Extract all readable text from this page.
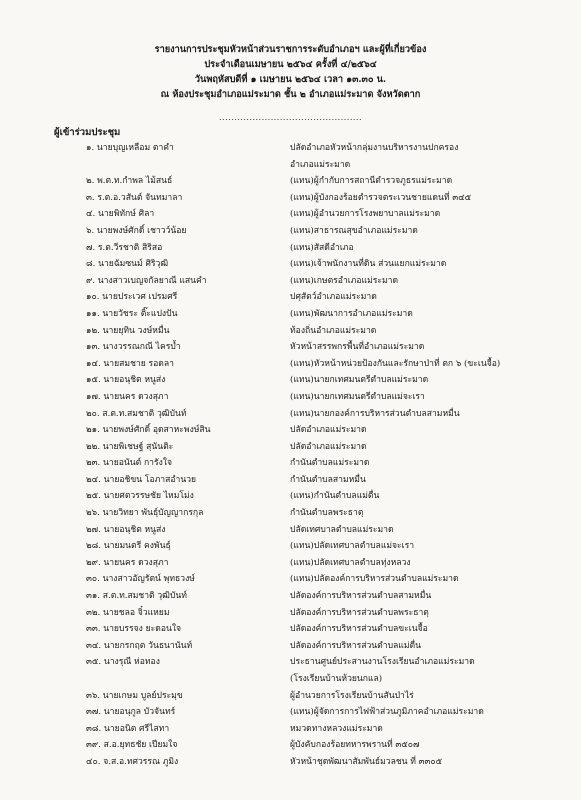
รายงานการประชุมหัวหน้าส่วนราชการระดับอำเภอฯ และผู้ที่เกี่ยวข้อง
ประจำเดือนเมษายน ๒๕๖๔ ครั้งที่ ๔/๒๕๖๔
วันพฤหัสบดีที่ ๑ เมษายน ๒๕๖๔ เวลา ๑๓.๓๐ น.
ณ ห้องประชุมอำเภอแม่ระมาด ชั้น ๒ อำเภอแม่ระมาด จังหวัดตาก
...............................................
ผู้เข้าร่วมประชุม
๑. นายบุญเหลือม ตาคำ	ปลัดอำเภอหัวหน้ากลุ่มงานบริหารงานปกครอง
อำเภอแม่ระมาด
๒. พ.ต.ท.กำพล ไม้สนธ์	(แทน)ผู้กำกับการสถานีตำรวจภูธรแม่ระมาด
๓. ร.ต.อ.วสันต์ จันทมาลา	(แทน)ผู้บังกองร้อยตำรวจตระเวนชายแดนที่ ๓๔๕
๔. นายพิทักษ์ ศิลา	(แทน)ผู้อำนวยการโรงพยาบาลแม่ระมาด
๖. นายพงษ์ศักดิ์ เชาวว์น้อย	(แทน)สาธารณสุขอำเภอแม่ระมาด
๗. ร.ต.วีรชาติ สิริสอ	(แทน)สัสดีอำเภอ
๘. นายฉัมซนม์ ศิริวุฒิ	(แทน)เจ้าพนักงานที่ดิน ส่วนแยกแม่ระมาด
๙. นางสาวเบญจกัลยาณี แสนคำ	(แทน)เกษตรอำเภอแม่ระมาด
๑๐. นายประเวศ เปรมศรี	ปศุสัตว์อำเภอแม่ระมาด
๑๑. นายวัชระ ติ๊ะแปงปัน	(แทน)พัฒนาการอำเภอแม่ระมาด
๑๒. นายยุทิน วงษ์หมื่น	ท้องถิ่นอำเภอแม่ระมาด
๑๓. นางวรรณกณี ไครบ้ำ	หัวหน้าสรรพกรพื้นที่อำเภอแม่ระมาด
๑๔. นายสมชาย รอดลา	(แทน)หัวหน้าหน่วยป้องกันและรักษาป่าที่ ตก ๖ (ขะเนจื้อ)
๑๕. นายอนุชิต หนูส่ง	(แทน)นายกเทศมนตรีตำบลแม่ระมาด
๑๗. นายนคร ดวงสุภา	(แทน)นายกเทศมนตรีตำบลแม่จะเรา
๒๐. ส.ต.ท.สมชาติ วุฒิบันท์	(แทน)นายกองค์การบริหารส่วนตำบลสามหมื่น
๒๑. นายพงษ์ศักดิ์ อุดสาหะพงษ์สิน	ปลัดอำเภอแม่ระมาด
๒๒. นายพิเชษฐ์ สุนันติะ	ปลัดอำเภอแม่ระมาด
๒๓. นายอนันต์ การังใจ	กำนันตำบลแม่ระมาด
๒๔. นายอชิขน โอภาสอำนวย	กำนันตำบลสามหมื่น
๒๕. นายศตวรรษชัย ไหมโม่ง	(แทน)กำนันตำบลแม่ตื่น
๒๖. นายวิทยา พันธ์ุบัญญากรกุล	กำนันตำบลพระธาตุ
๒๗. นายอนุชิต หนูส่ง	ปลัดเทศบาลตำบลแม่ระมาด
๒๘. นายมนตรี คงพันธุ์	(แทน)ปลัดเทศบาลตำบลแม่จะเรา
๒๙. นายนคร ดวงสุภา	(แทน)ปลัดเทศบาลตำบลทุ่งหลวง
๓๐. นางสาวอัญรัตน์ พุทธวงษ์	(แทน)ปลัดองค์การบริหารส่วนตำบลแม่ระมาด
๓๑. ส.ต.ท.สมชาติ วุฒิบันท์	ปลัดองค์การบริหารส่วนตำบลสามหมื่น
๓๒. นายชลอ จิ๋วแหยม	ปลัดองค์การบริหารส่วนตำบลพระธาตุ
๓๓. นายบรรจง ยะดอนใจ	ปลัดองค์การบริหารส่วนตำบลขะเนจื้อ
๓๔. นายกรกฤต วันธนานันท์	ปลัดองค์การบริหารส่วนตำบลแม่ตื่น
๓๕. นางรุณี ห่อทอง	ประธานศูนย์ประสานงานโรงเรียนอำเภอแม่ระมาด
(โรงเรียนบ้านห้วยนกแล)
๓๖. นายเกษม บูลย์ประมุข	ผู้อำนวยการโรงเรียนบ้านสันป่าไร่
๓๗. นายอนุกูล บัวจันทร์	(แทน)ผู้จัดการการไฟฟ้าส่วนภูมิภาคอำเภอแม่ระมาด
๓๘. นายอนิต ศรีไสทา	หมวดทางหลวงแม่ระมาด
๓๙. ส.อ.ยุทธชัย เปียมใจ	ผู้บังคับกองร้อยทหารพรานที่ ๓๕๐๗
๔๐. จ.ส.อ.ทศวรรณ ภูมิง	หัวหน้าชุดพัฒนาสัมพันธ์มวลชน ที่ ๓๓๐๕
